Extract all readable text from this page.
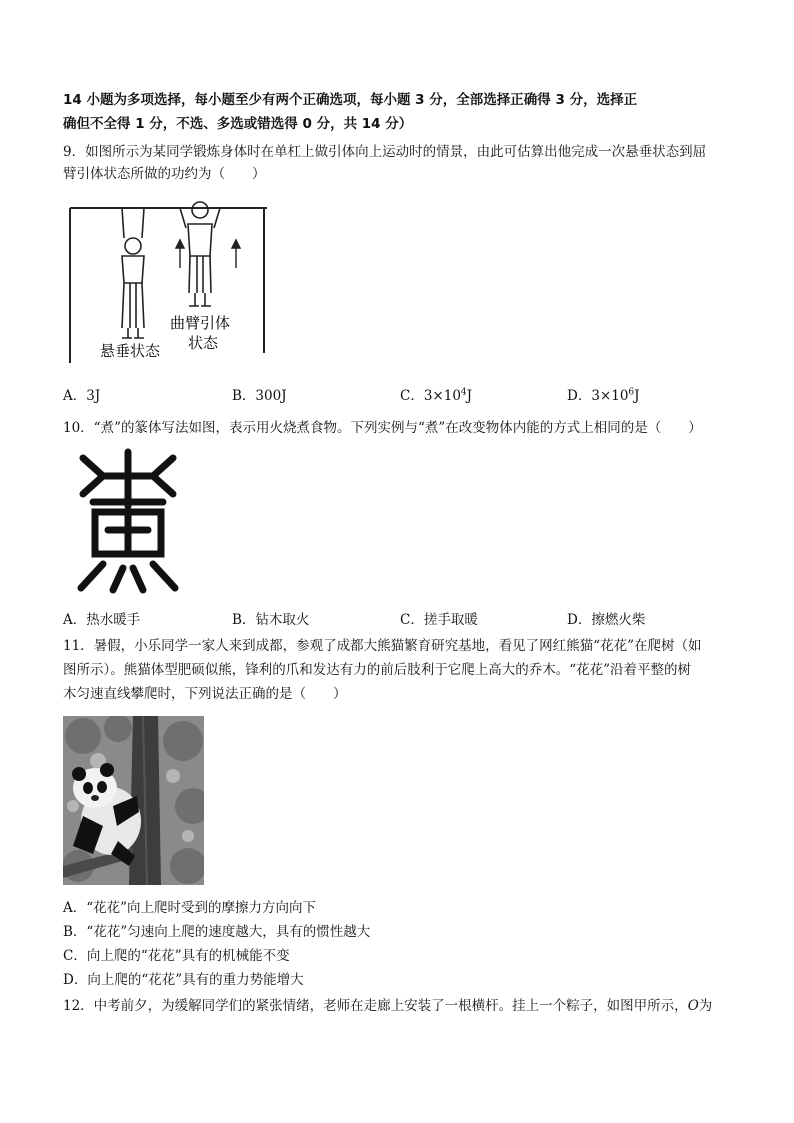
14 小题为多项选择，每小题至少有两个正确选项，每小题 3 分，全部选择正确得 3 分，选择正
确但不全得 1 分，不选、多选或错选得 0 分，共 14 分）
9．如图所示为某同学锻炼身体时在单杠上做引体向上运动时的情景，由此可估算出他完成一次悬垂状态到屈
臂引体状态所做的功约为（　　）
悬垂状态
曲臂引体
状态
A．3J	B．300J	C．$3\times 10^4J$	D．$3\times 10^6J$
10．“煮”的篆体写法如图，表示用火烧煮食物。下列实例与“煮”在改变物体内能的方式上相同的是（　　）
A．热水暖手	B．钻木取火	C．搓手取暖	D．擦燃火柴
11．暑假，小乐同学一家人来到成都，参观了成都大熊猫繁育研究基地，看见了网红熊猫“花花”在爬树（如
图所示）。熊猫体型肥硕似熊，锋利的爪和发达有力的前后肢利于它爬上高大的乔木。“花花”沿着平整的树
木匀速直线攀爬时，下列说法正确的是（　　）
A．“花花”向上爬时受到的摩擦力方向向下
B．“花花”匀速向上爬的速度越大，具有的惯性越大
C．向上爬的“花花”具有的机械能不变
D．向上爬的“花花”具有的重力势能增大
12．中考前夕，为缓解同学们的紧张情绪，老师在走廊上安装了一根横杆。挂上一个粽子，如图甲所示，O为
